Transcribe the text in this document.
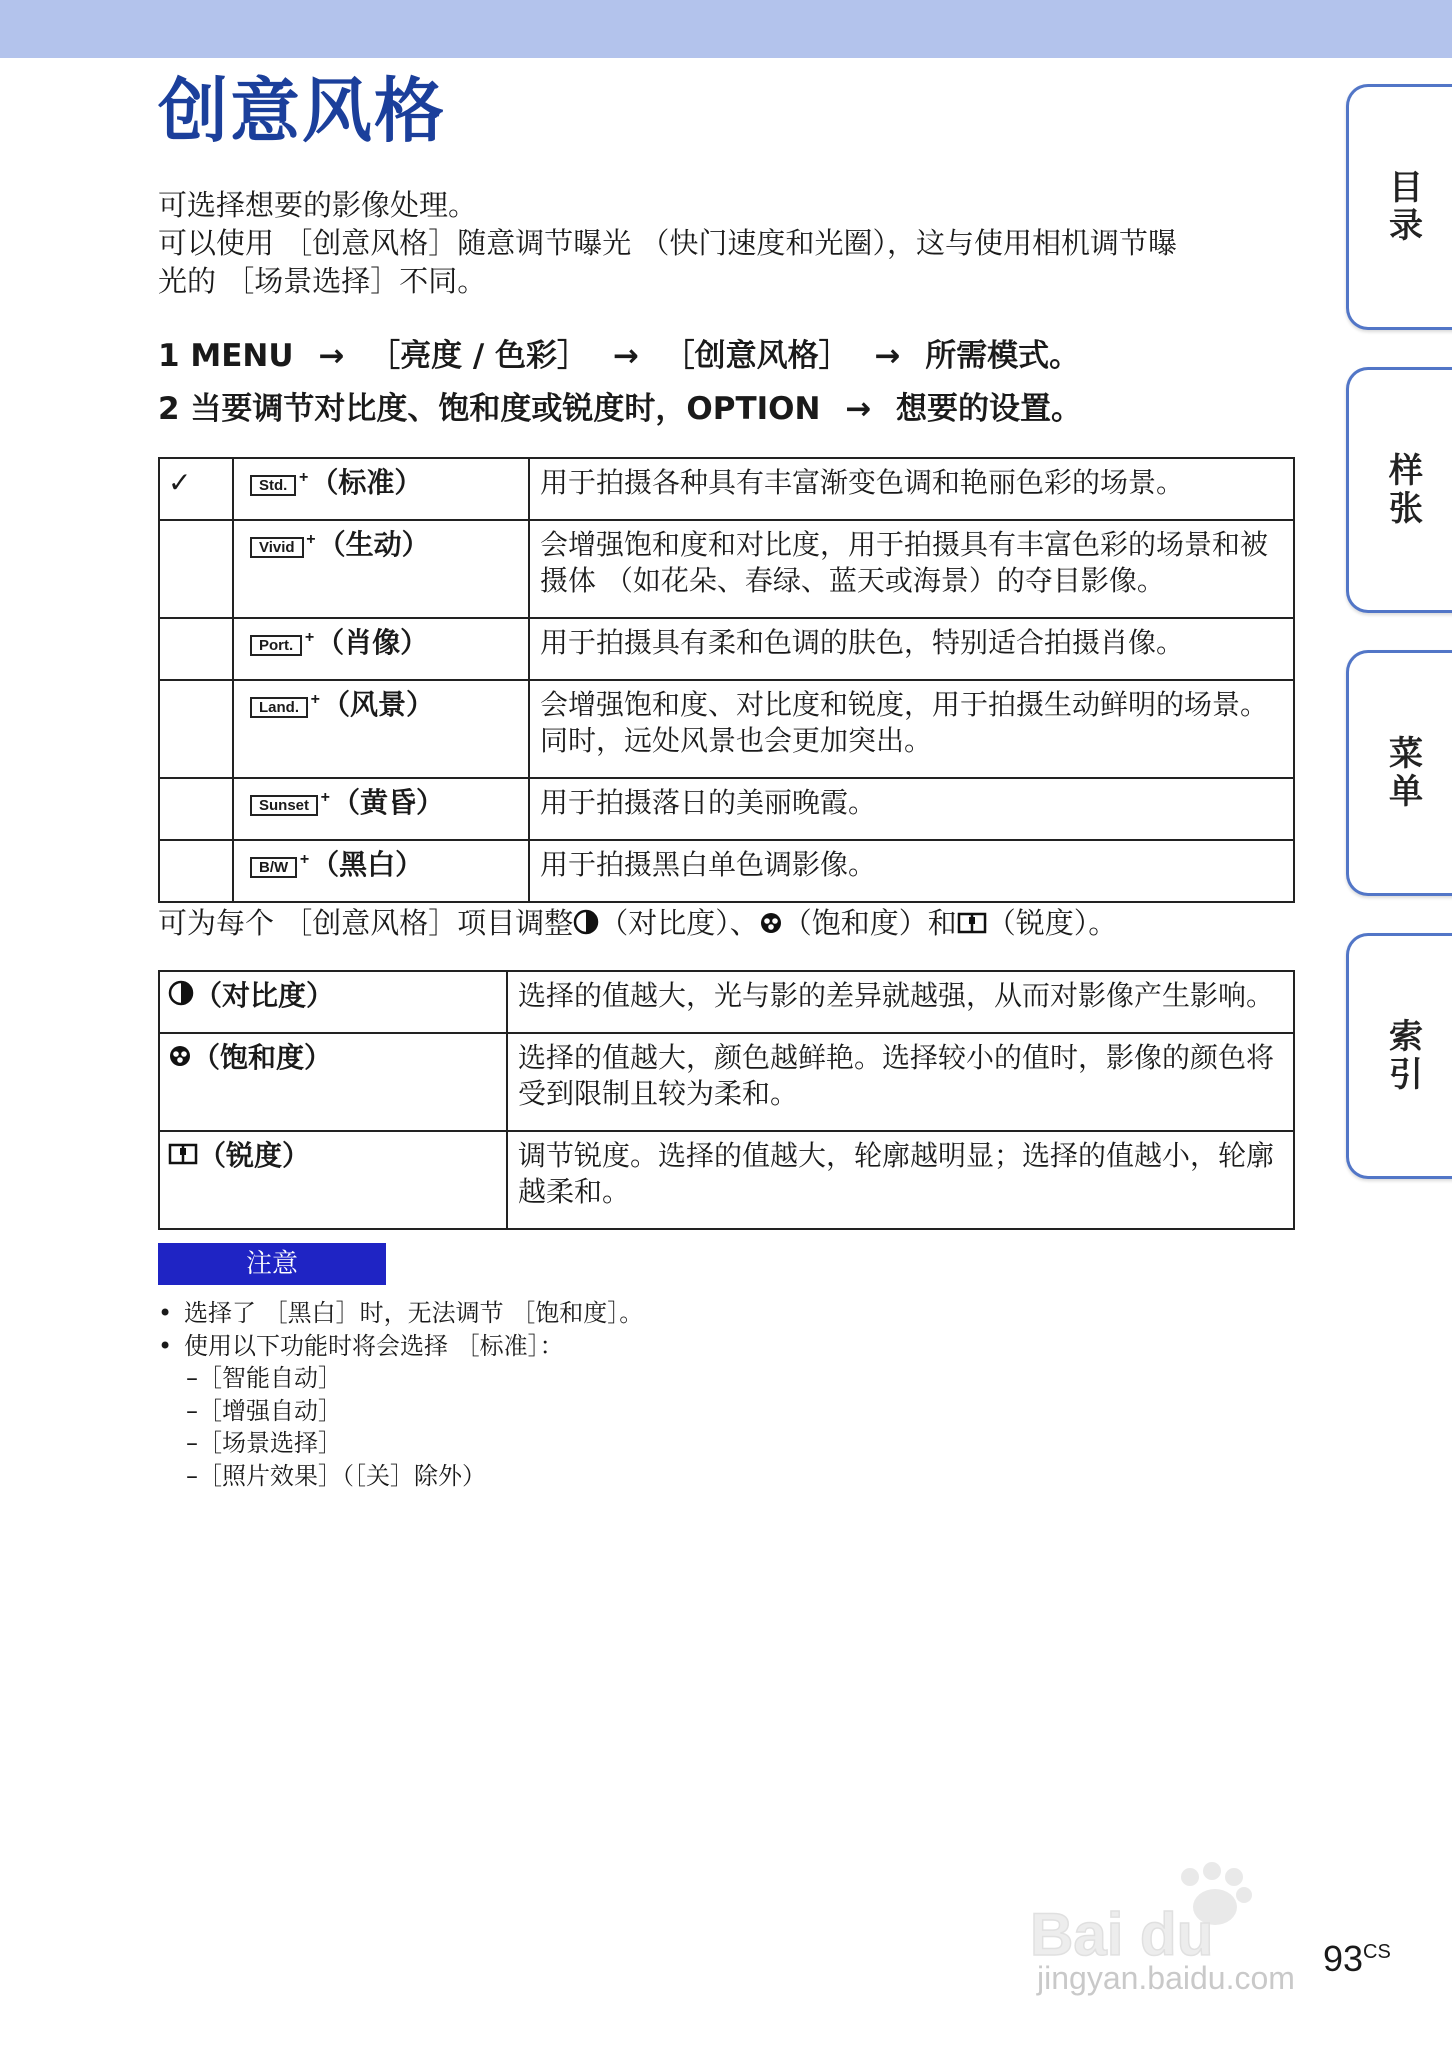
创意风格
可选择想要的影像处理。
可以使用 ［创意风格］随意调节曝光 （快门速度和光圈），这与使用相机调节曝
光的 ［场景选择］不同。
1 MENU → ［亮度 / 色彩］ → ［创意风格］ → 所需模式。
2 当要调节对比度、饱和度或锐度时，OPTION → 想要的设置。
✓	Std. + （标准）	用于拍摄各种具有丰富渐变色调和艳丽色彩的场景。
	Vivid + （生动）	会增强饱和度和对比度，用于拍摄具有丰富色彩的场景和被摄体 （如花朵、春绿、蓝天或海景）的夺目影像。
	Port. + （肖像）	用于拍摄具有柔和色调的肤色，特别适合拍摄肖像。
	Land. + （风景）	会增强饱和度、对比度和锐度，用于拍摄生动鲜明的场景。同时，远处风景也会更加突出。
	Sunset + （黄昏）	用于拍摄落日的美丽晚霞。
	B/W + （黑白）	用于拍摄黑白单色调影像。
可为每个 ［创意风格］项目调整 （对比度）、 （饱和度）和 （锐度）。
（对比度）	选择的值越大，光与影的差异就越强，从而对影像产生影响。
（饱和度）	选择的值越大，颜色越鲜艳。选择较小的值时，影像的颜色将受到限制且较为柔和。
（锐度）	调节锐度。选择的值越大，轮廓越明显；选择的值越小，轮廓越柔和。
注意
• 选择了 ［黑白］时，无法调节 ［饱和度］。
• 使用以下功能时将会选择 ［标准］：
–［智能自动］
–［增强自动］
–［场景选择］
–［照片效果］（［关］除外）
目录
样张
菜单
索引
Bai du
jingyan.baidu.com $93^{CS}$
